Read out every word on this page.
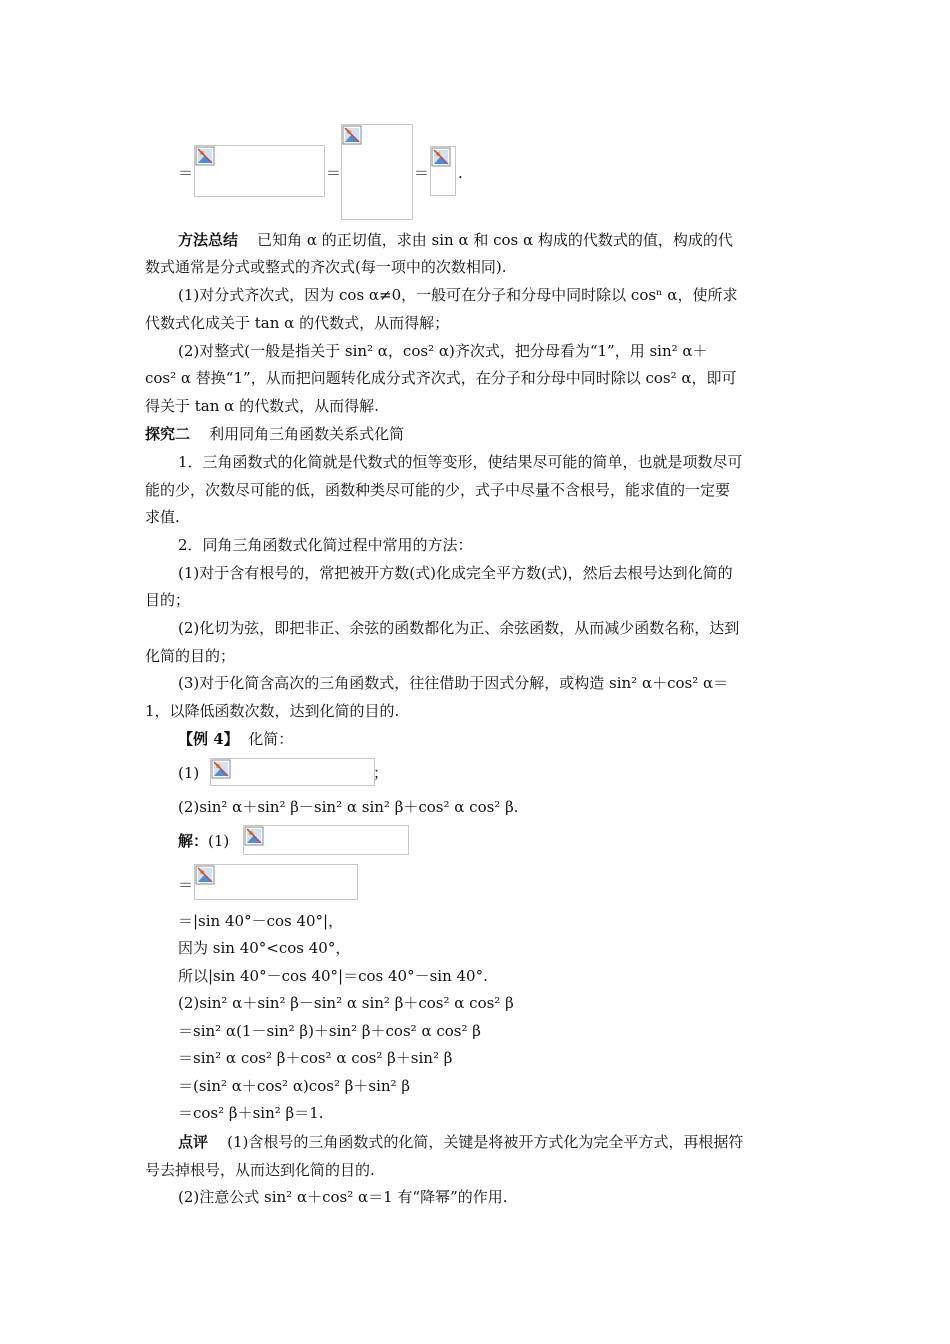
＝	＝	＝ .
方法总结 已知角 α 的正切值，求由 sin α 和 cos α 构成的代数式的值，构成的代
数式通常是分式或整式的齐次式(每一项中的次数相同).
(1)对分式齐次式，因为 cos α≠0，一般可在分子和分母中同时除以 cosⁿ α，使所求
代数式化成关于 tan α 的代数式，从而得解；
(2)对整式(一般是指关于 sin² α，cos² α)齐次式，把分母看为“1”，用 sin² α＋
cos² α 替换“1”，从而把问题转化成分式齐次式，在分子和分母中同时除以 cos² α，即可
得关于 tan α 的代数式，从而得解.
探究二 利用同角三角函数关系式化简
1．三角函数式的化简就是代数式的恒等变形，使结果尽可能的简单，也就是项数尽可
能的少，次数尽可能的低，函数种类尽可能的少，式子中尽量不含根号，能求值的一定要
求值.
2．同角三角函数式化简过程中常用的方法：
(1)对于含有根号的，常把被开方数(式)化成完全平方数(式)，然后去根号达到化简的
目的；
(2)化切为弦，即把非正、余弦的函数都化为正、余弦函数，从而减少函数名称，达到
化简的目的；
(3)对于化简含高次的三角函数式，往往借助于因式分解，或构造 sin² α＋cos² α＝
1，以降低函数次数，达到化简的目的.
【例 4】 化简：
(1)	；
(2)sin² α＋sin² β－sin² α sin² β＋cos² α cos² β.
解：(1)
＝
＝|sin 40°－cos 40°|，
因为 sin 40°<cos 40°，
所以|sin 40°－cos 40°|＝cos 40°－sin 40°.
(2)sin² α＋sin² β－sin² α sin² β＋cos² α cos² β
＝sin² α(1－sin² β)＋sin² β＋cos² α cos² β
＝sin² α cos² β＋cos² α cos² β＋sin² β
＝(sin² α＋cos² α)cos² β＋sin² β
＝cos² β＋sin² β＝1.
点评 (1)含根号的三角函数式的化简，关键是将被开方式化为完全平方式，再根据符
号去掉根号，从而达到化简的目的.
(2)注意公式 sin² α＋cos² α＝1 有“降幂”的作用.
